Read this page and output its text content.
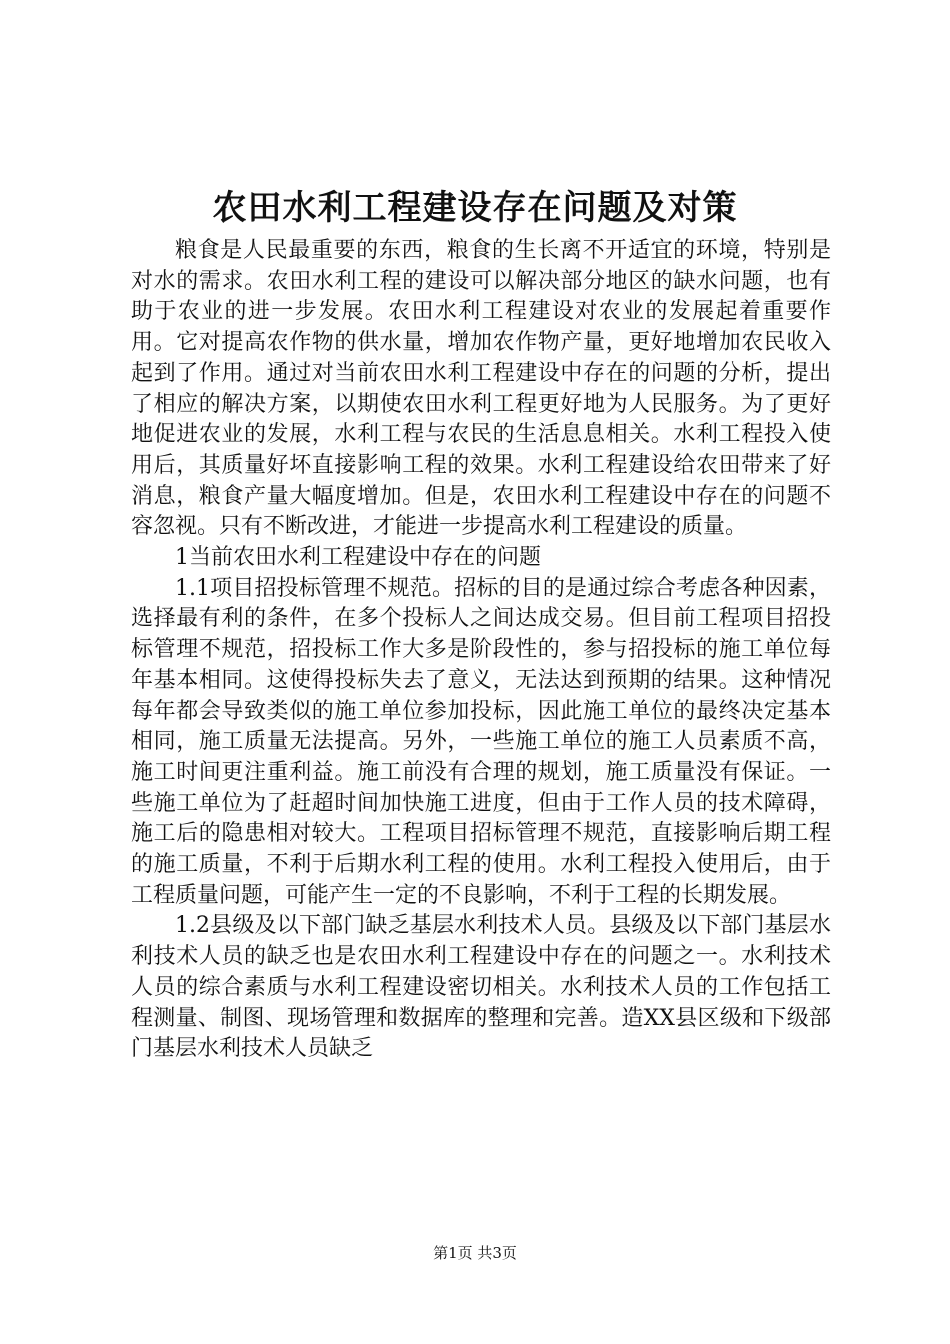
农田水利工程建设存在问题及对策

粮食是人民最重要的东西，粮食的生长离不开适宜的环境，特别是对水的需求。农田水利工程的建设可以解决部分地区的缺水问题，也有助于农业的进一步发展。农田水利工程建设对农业的发展起着重要作用。它对提高农作物的供水量，增加农作物产量，更好地增加农民收入起到了作用。通过对当前农田水利工程建设中存在的问题的分析，提出了相应的解决方案，以期使农田水利工程更好地为人民服务。为了更好地促进农业的发展，水利工程与农民的生活息息相关。水利工程投入使用后，其质量好坏直接影响工程的效果。水利工程建设给农田带来了好消息，粮食产量大幅度增加。但是，农田水利工程建设中存在的问题不容忽视。只有不断改进，才能进一步提高水利工程建设的质量。

1当前农田水利工程建设中存在的问题

1.1项目招投标管理不规范。招标的目的是通过综合考虑各种因素，选择最有利的条件，在多个投标人之间达成交易。但目前工程项目招投标管理不规范，招投标工作大多是阶段性的，参与招投标的施工单位每年基本相同。这使得投标失去了意义，无法达到预期的结果。这种情况每年都会导致类似的施工单位参加投标，因此施工单位的最终决定基本相同，施工质量无法提高。另外，一些施工单位的施工人员素质不高，施工时间更注重利益。施工前没有合理的规划，施工质量没有保证。一些施工单位为了赶超时间加快施工进度，但由于工作人员的技术障碍，施工后的隐患相对较大。工程项目招标管理不规范，直接影响后期工程的施工质量，不利于后期水利工程的使用。水利工程投入使用后，由于工程质量问题，可能产生一定的不良影响，不利于工程的长期发展。

1.2县级及以下部门缺乏基层水利技术人员。县级及以下部门基层水利技术人员的缺乏也是农田水利工程建设中存在的问题之一。水利技术人员的综合素质与水利工程建设密切相关。水利技术人员的工作包括工程测量、制图、现场管理和数据库的整理和完善。造XX县区级和下级部门基层水利技术人员缺乏

第1页 共3页
